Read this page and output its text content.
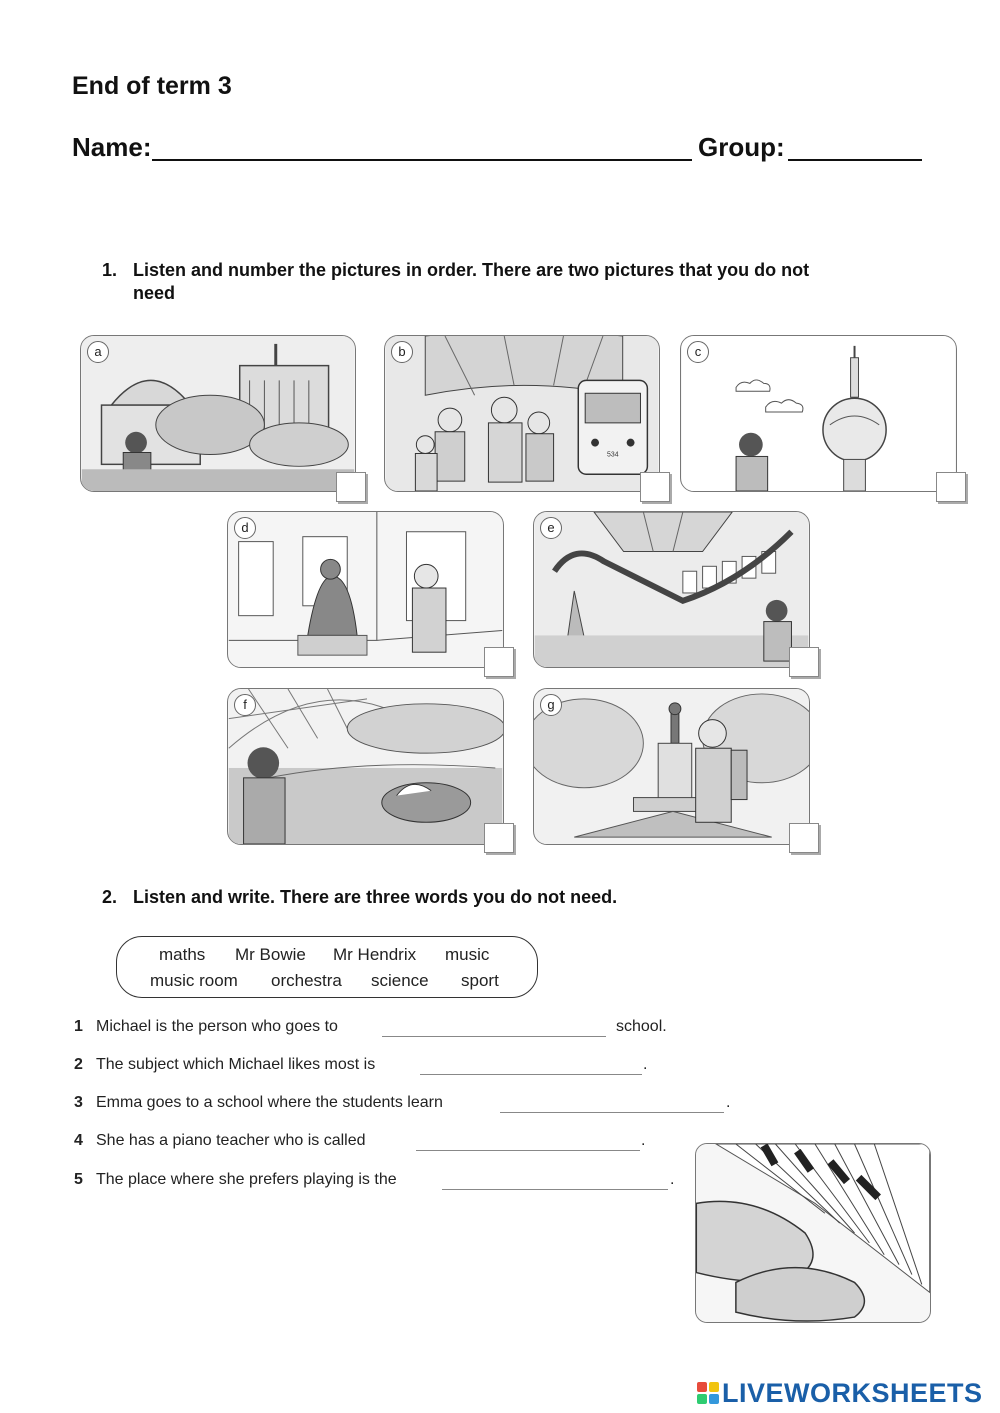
End of term 3
Name:	Group:
1. Listen and number the pictures in order. There are two pictures that you do not
need
a	b
534
c
d	e
f	g
2. Listen and write. There are three words you do not need.
maths Mr Bowie Mr Hendrix music
music room orchestra science sport
1 Michael is the person who goes to	school.
2 The subject which Michael likes most is	.
3 Emma goes to a school where the students learn	.
4 She has a piano teacher who is called	.
5 The place where she prefers playing is the	.
LIVEWORKSHEETS
